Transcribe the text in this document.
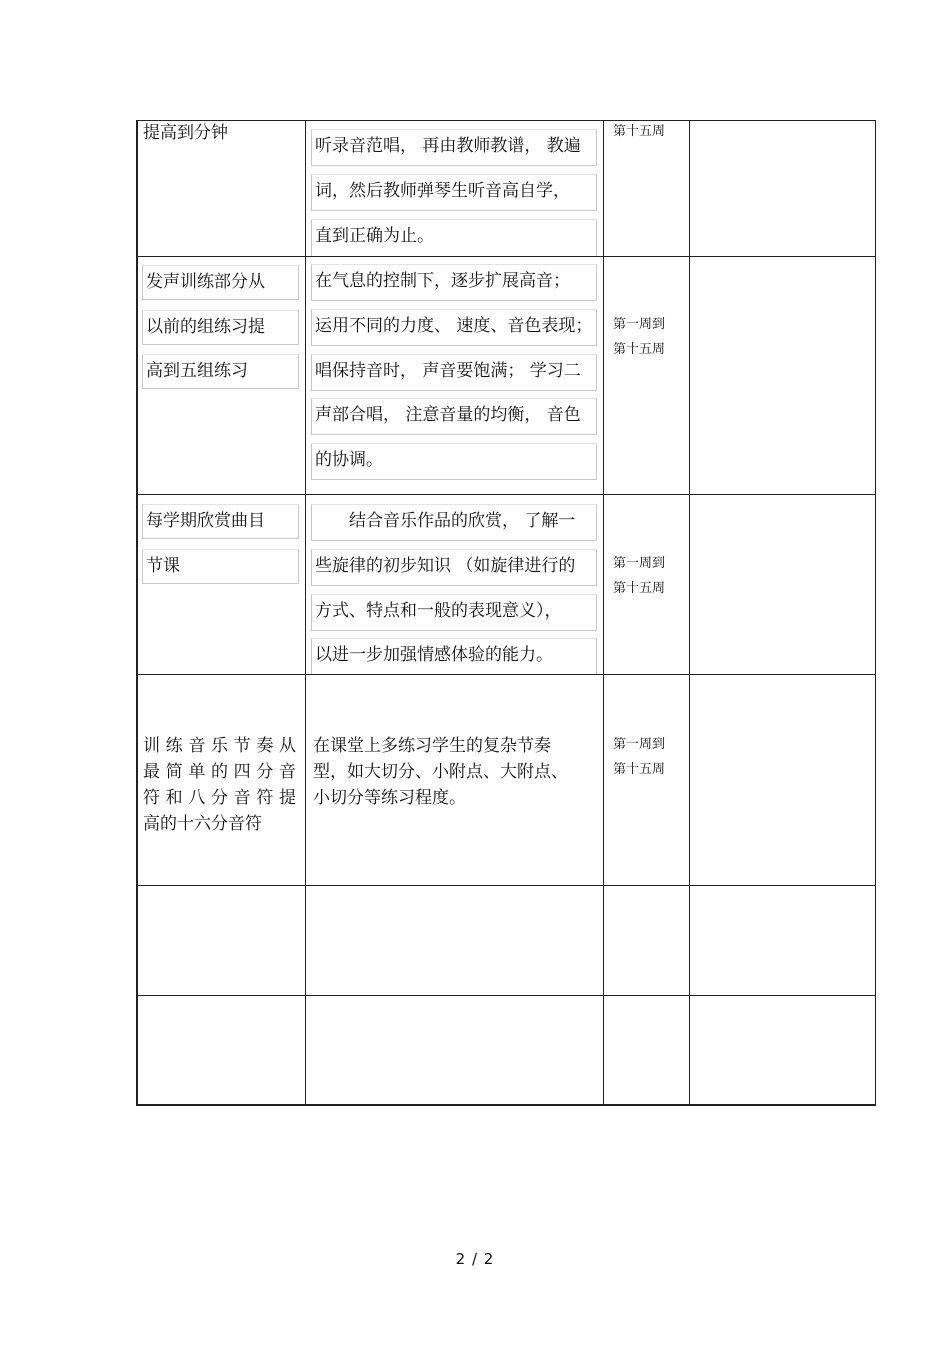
提高到分钟
听录音范唱， 再由教师教谱， 教遍
词，然后教师弹琴生听音高自学，
直到正确为止。
第十五周
发声训练部分从
以前的组练习提
高到五组练习
在气息的控制下，逐步扩展高音；
运用不同的力度、 速度、音色表现；
唱保持音时， 声音要饱满； 学习二
声部合唱， 注意音量的均衡， 音色
的协调。
第一周到
第十五周
每学期欣赏曲目
节课
　　结合音乐作品的欣赏， 了解一
些旋律的初步知识 （如旋律进行的
方式、特点和一般的表现意义），
以进一步加强情感体验的能力。
第一周到
第十五周
训练音乐节奏从
最简单的四分音
符和八分音符提
高的十六分音符
在课堂上多练习学生的复杂节奏
型，如大切分、小附点、大附点、
小切分等练习程度。
第一周到
第十五周
2 / 2
